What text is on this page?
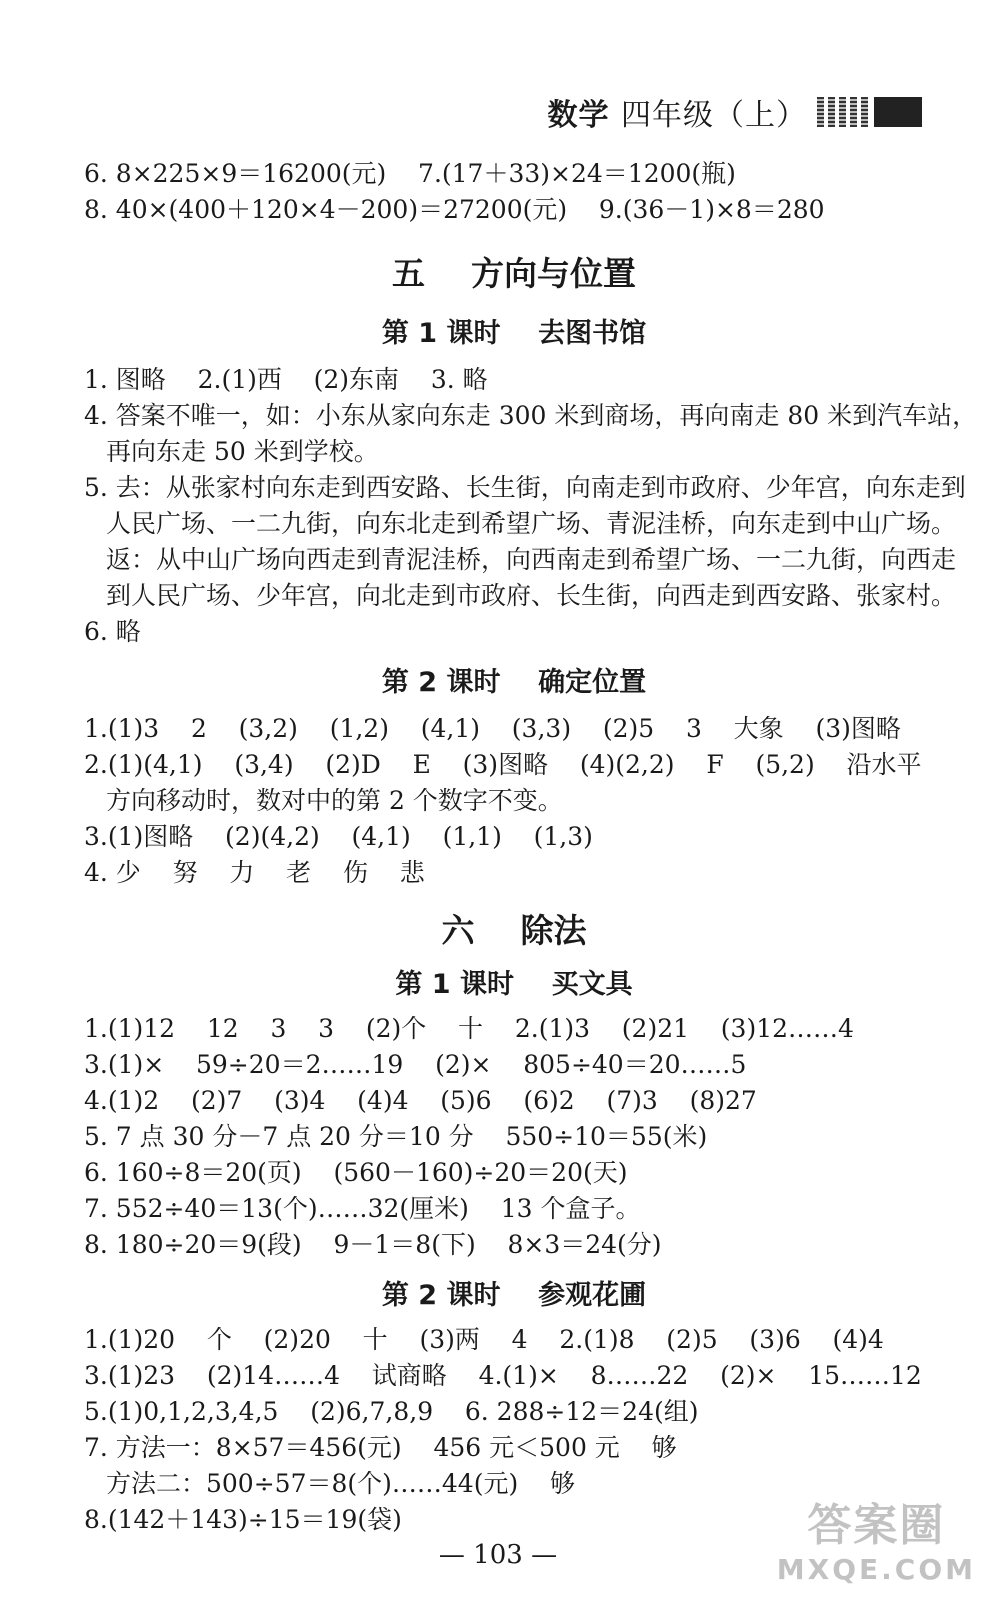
数学 四年级（上）
6. 8×225×9＝16200(元)    7.(17＋33)×24＝1200(瓶)
8. 40×(400＋120×4－200)＝27200(元)    9.(36－1)×8＝280
五    方向与位置
第 1 课时    去图书馆
1. 图略    2.(1)西    (2)东南    3. 略
4. 答案不唯一，如：小东从家向东走 300 米到商场，再向南走 80 米到汽车站，
再向东走 50 米到学校。
5. 去：从张家村向东走到西安路、长生街，向南走到市政府、少年宫，向东走到
人民广场、一二九街，向东北走到希望广场、青泥洼桥，向东走到中山广场。
返：从中山广场向西走到青泥洼桥，向西南走到希望广场、一二九街，向西走
到人民广场、少年宫，向北走到市政府、长生街，向西走到西安路、张家村。
6. 略
第 2 课时    确定位置
1.(1)3    2    (3,2)    (1,2)    (4,1)    (3,3)    (2)5    3    大象    (3)图略
2.(1)(4,1)    (3,4)    (2)D    E    (3)图略    (4)(2,2)    F    (5,2)    沿水平
方向移动时，数对中的第 2 个数字不变。
3.(1)图略    (2)(4,2)    (4,1)    (1,1)    (1,3)
4. 少    努    力    老    伤    悲
六    除法
第 1 课时    买文具
1.(1)12    12    3    3    (2)个    十    2.(1)3    (2)21    (3)12……4
3.(1)×    59÷20＝2……19    (2)×    805÷40＝20……5
4.(1)2    (2)7    (3)4    (4)4    (5)6    (6)2    (7)3    (8)27
5. 7 点 30 分－7 点 20 分＝10 分    550÷10＝55(米)
6. 160÷8＝20(页)    (560－160)÷20＝20(天)
7. 552÷40＝13(个)……32(厘米)    13 个盒子。
8. 180÷20＝9(段)    9－1＝8(下)    8×3＝24(分)
第 2 课时    参观花圃
1.(1)20    个    (2)20    十    (3)两    4    2.(1)8    (2)5    (3)6    (4)4
3.(1)23    (2)14……4    试商略    4.(1)×    8……22    (2)×    15……12
5.(1)0,1,2,3,4,5    (2)6,7,8,9    6. 288÷12＝24(组)
7. 方法一：8×57＝456(元)    456 元＜500 元    够
方法二：500÷57＝8(个)……44(元)    够
8.(142＋143)÷15＝19(袋)
— 103 —
答案圈
MXQE.COM
